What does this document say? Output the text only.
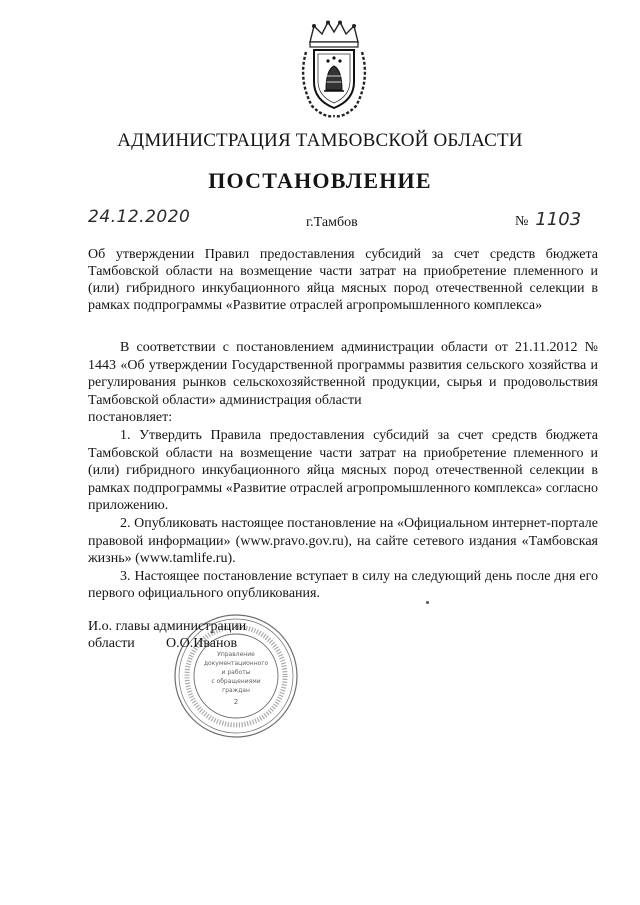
АДМИНИСТРАЦИЯ ТАМБОВСКОЙ ОБЛАСТИ
ПОСТАНОВЛЕНИЕ
24.12.2020	г.Тамбов	№ 1103
Об утверждении Правил предоставления субсидий за счет средств бюджета Тамбовской области на возмещение части затрат на приобретение племенного и (или) гибридного инкубационного яйца мясных пород отечественной селекции в рамках подпрограммы «Развитие отраслей агропромышленного комплекса»

В соответствии с постановлением администрации области от 21.11.2012 № 1443 «Об утверждении Государственной программы развития сельского хозяйства и регулирования рынков сельскохозяйственной продукции, сырья и продовольствия Тамбовской области» администрация области

постановляет:

1. Утвердить Правила предоставления субсидий за счет средств бюджета Тамбовской области на возмещение части затрат на приобретение племенного и (или) гибридного инкубационного яйца мясных пород отечественной селекции в рамках подпрограммы «Развитие отраслей агропромышленного комплекса» согласно приложению.

2. Опубликовать настоящее постановление на «Официальном интернет-портале правовой информации» (www.pravo.gov.ru), на сайте сетевого издания «Тамбовская жизнь» (www.tamlife.ru).

3. Настоящее постановление вступает в силу на следующий день после дня его первого официального опубликования.

Управление
документационного
и работы
с обращениями
граждан
2
И.о. главы администрации
области О.О.Иванов
